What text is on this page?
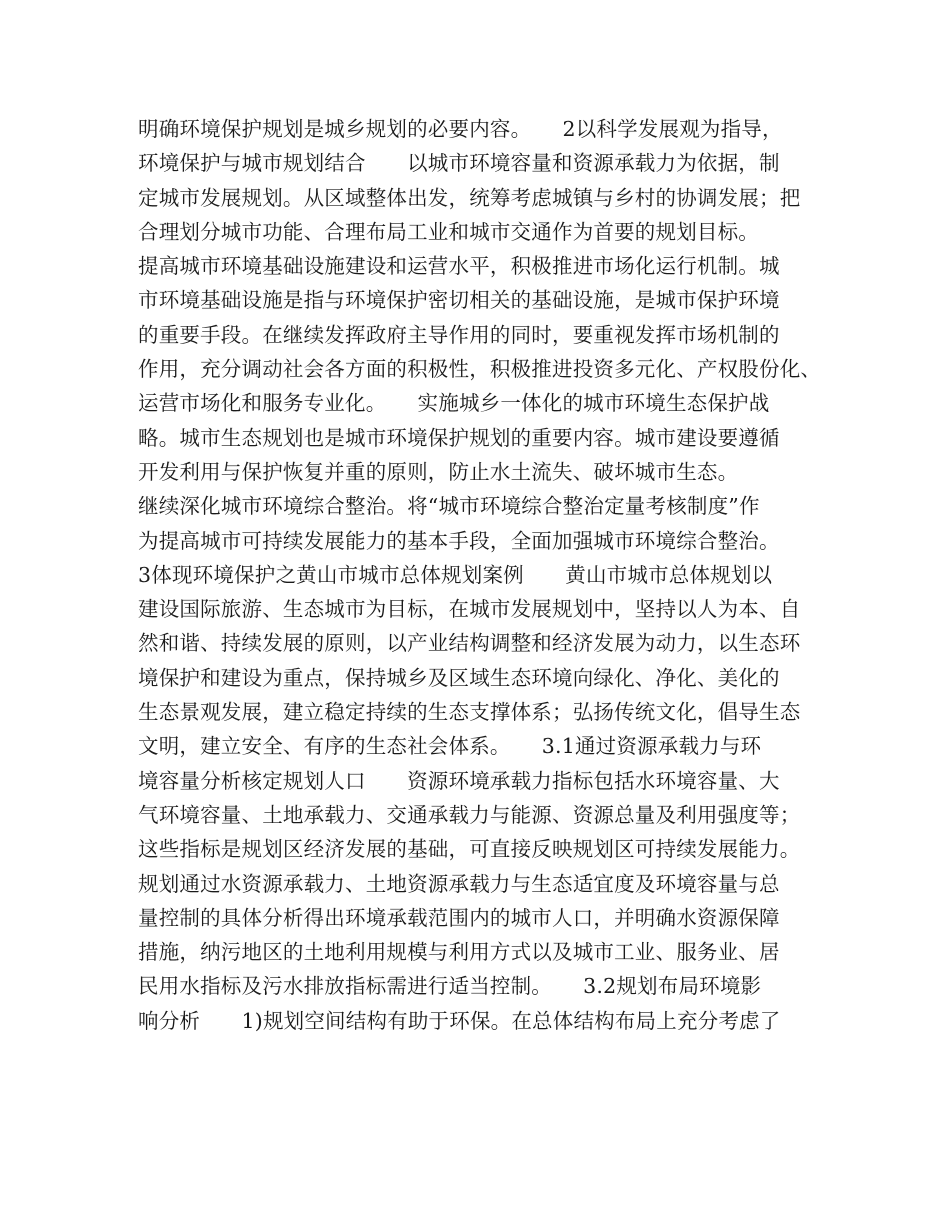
明确环境保护规划是城乡规划的必要内容。　　2以科学发展观为指导，
环境保护与城市规划结合　　以城市环境容量和资源承载力为依据，制
定城市发展规划。从区域整体出发，统筹考虑城镇与乡村的协调发展；把
合理划分城市功能、合理布局工业和城市交通作为首要的规划目标。
提高城市环境基础设施建设和运营水平，积极推进市场化运行机制。城
市环境基础设施是指与环境保护密切相关的基础设施，是城市保护环境
的重要手段。在继续发挥政府主导作用的同时，要重视发挥市场机制的
作用，充分调动社会各方面的积极性，积极推进投资多元化、产权股份化、
运营市场化和服务专业化。　　实施城乡一体化的城市环境生态保护战
略。城市生态规划也是城市环境保护规划的重要内容。城市建设要遵循
开发利用与保护恢复并重的原则，防止水土流失、破坏城市生态。
继续深化城市环境综合整治。将“城市环境综合整治定量考核制度”作
为提高城市可持续发展能力的基本手段，全面加强城市环境综合整治。
3体现环境保护之黄山市城市总体规划案例　　黄山市城市总体规划以
建设国际旅游、生态城市为目标，在城市发展规划中，坚持以人为本、自
然和谐、持续发展的原则，以产业结构调整和经济发展为动力，以生态环
境保护和建设为重点，保持城乡及区域生态环境向绿化、净化、美化的
生态景观发展，建立稳定持续的生态支撑体系；弘扬传统文化，倡导生态
文明，建立安全、有序的生态社会体系。　　3.1通过资源承载力与环
境容量分析核定规划人口　　资源环境承载力指标包括水环境容量、大
气环境容量、土地承载力、交通承载力与能源、资源总量及利用强度等；
这些指标是规划区经济发展的基础，可直接反映规划区可持续发展能力。
规划通过水资源承载力、土地资源承载力与生态适宜度及环境容量与总
量控制的具体分析得出环境承载范围内的城市人口，并明确水资源保障
措施，纳污地区的土地利用规模与利用方式以及城市工业、服务业、居
民用水指标及污水排放指标需进行适当控制。　　3.2规划布局环境影
响分析　　1)规划空间结构有助于环保。在总体结构布局上充分考虑了
